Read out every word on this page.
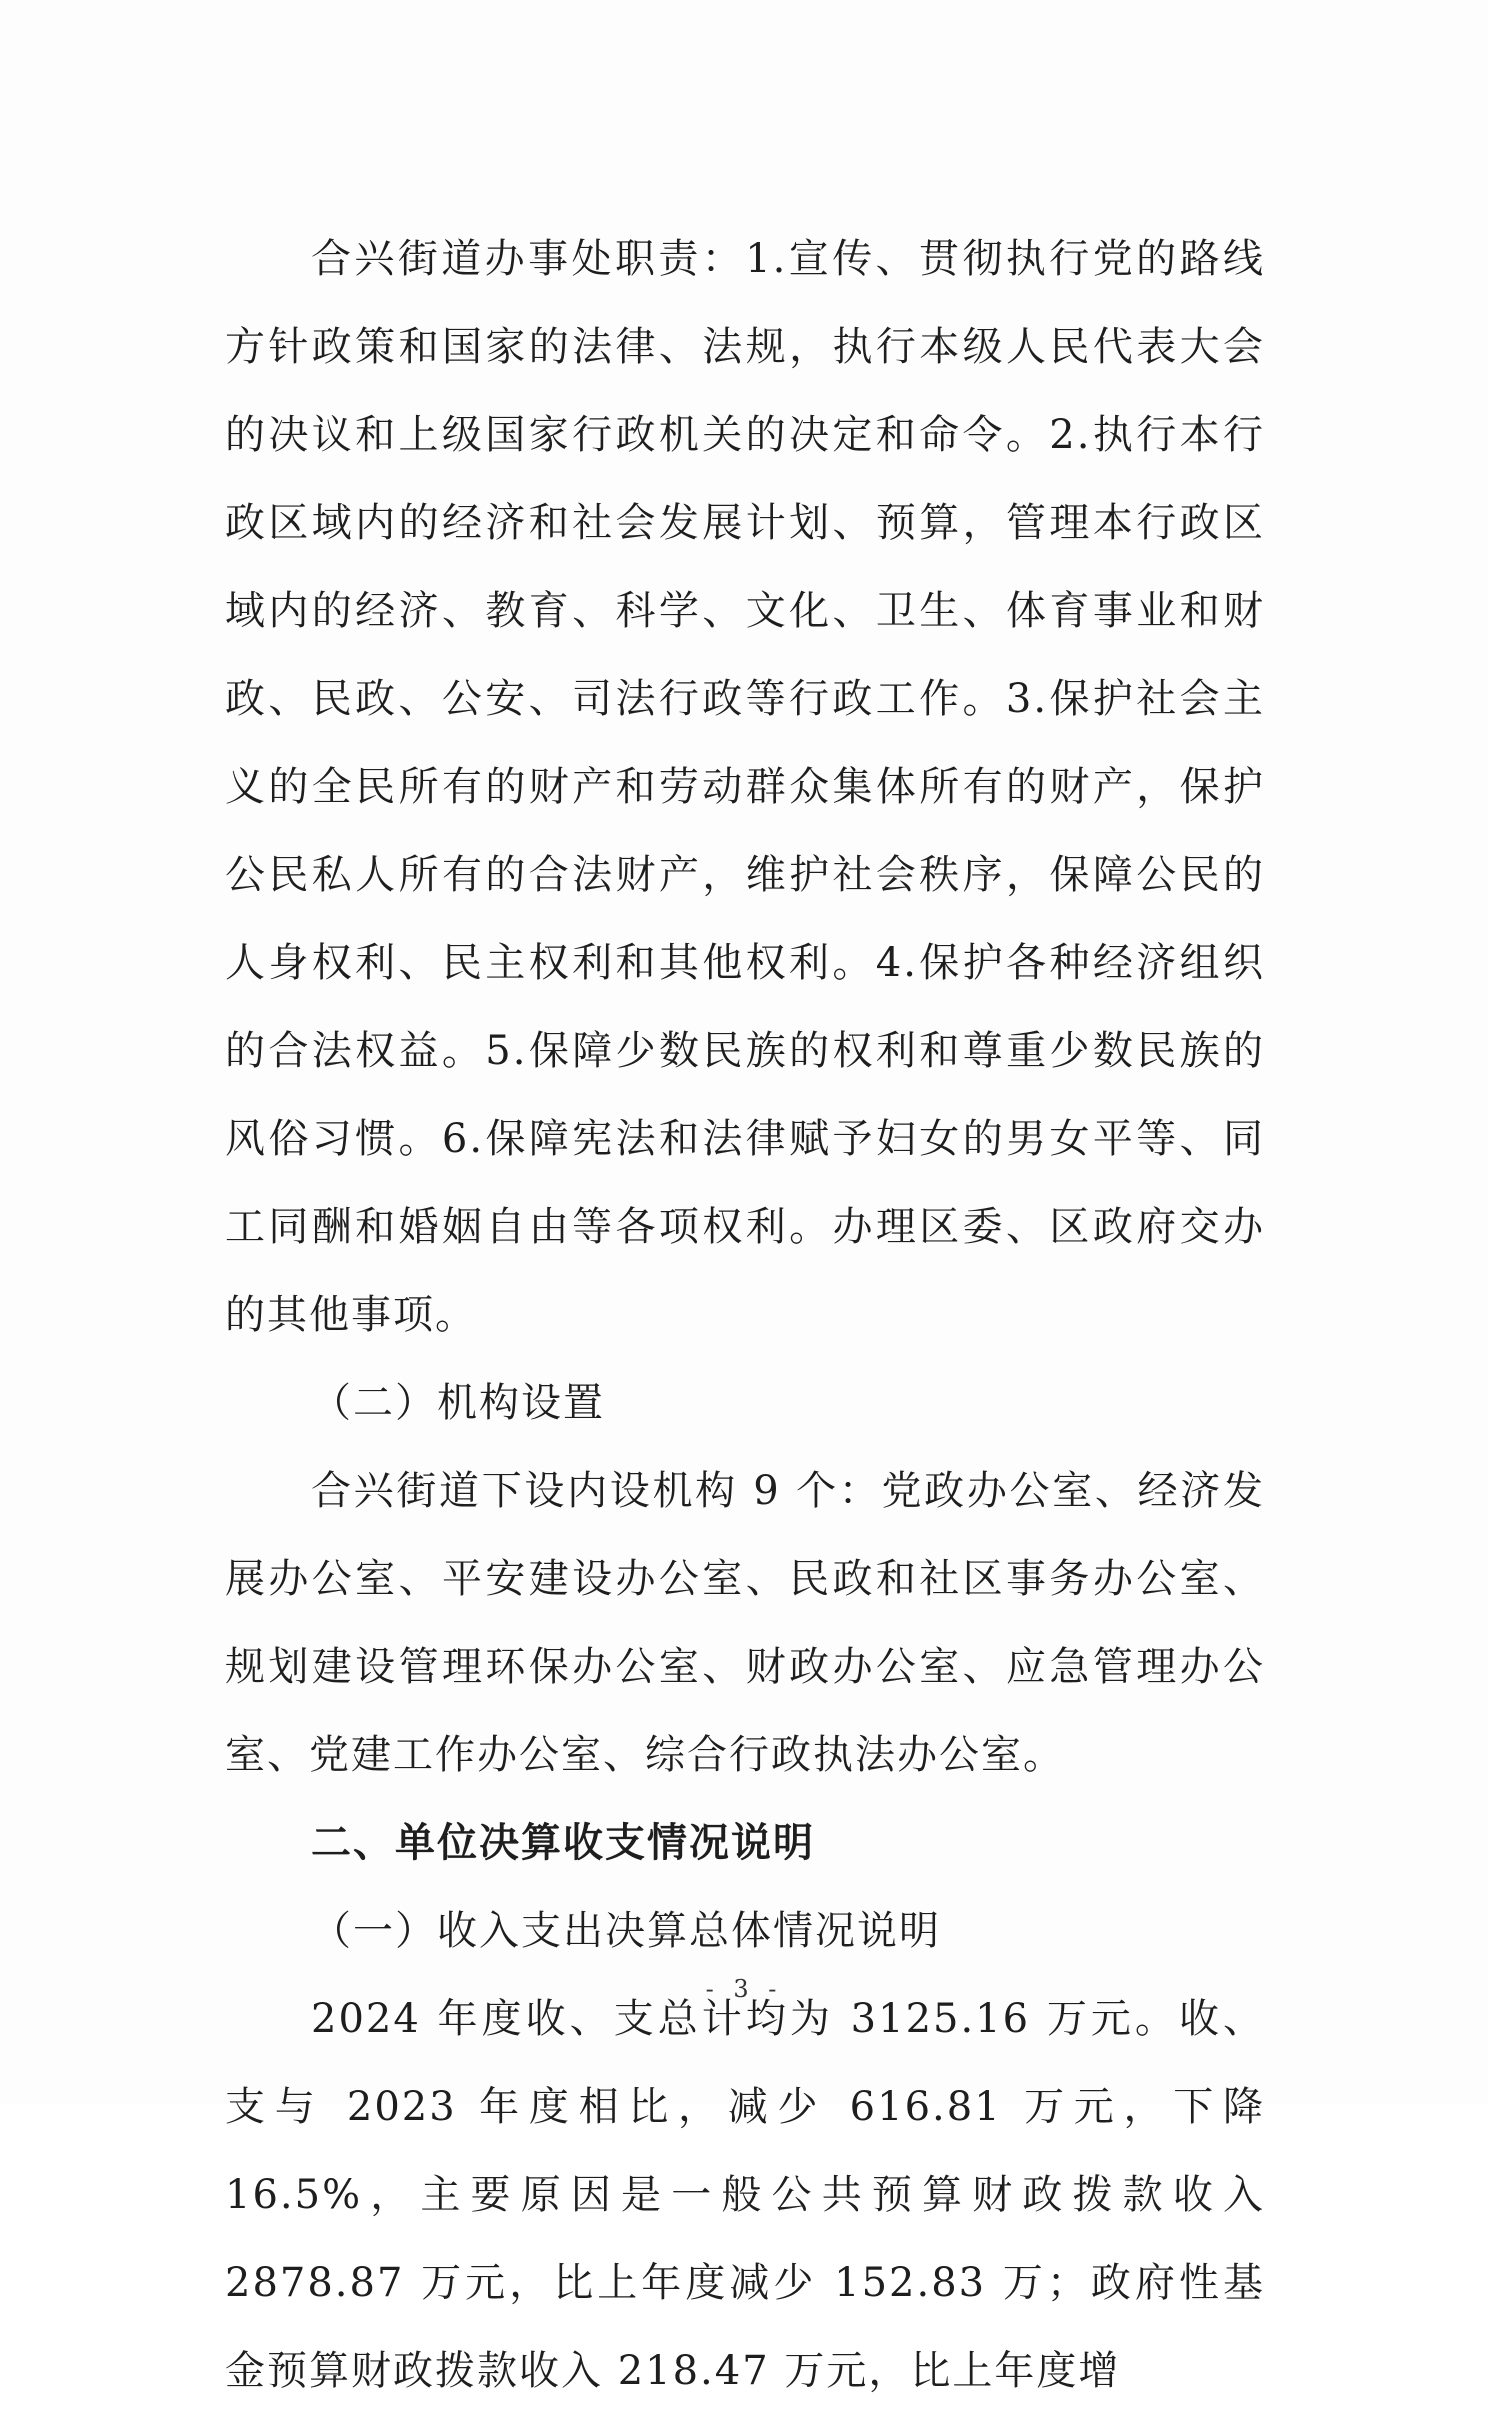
合兴街道办事处职责：1.宣传、贯彻执行党的路线方针政策和国家的法律、法规，执行本级人民代表大会的决议和上级国家行政机关的决定和命令。2.执行本行政区域内的经济和社会发展计划、预算，管理本行政区域内的经济、教育、科学、文化、卫生、体育事业和财政、民政、公安、司法行政等行政工作。3.保护社会主义的全民所有的财产和劳动群众集体所有的财产，保护公民私人所有的合法财产，维护社会秩序，保障公民的人身权利、民主权利和其他权利。4.保护各种经济组织的合法权益。5.保障少数民族的权利和尊重少数民族的风俗习惯。6.保障宪法和法律赋予妇女的男女平等、同工同酬和婚姻自由等各项权利。办理区委、区政府交办的其他事项。

（二）机构设置

合兴街道下设内设机构 9 个：党政办公室、经济发展办公室、平安建设办公室、民政和社区事务办公室、规划建设管理环保办公室、财政办公室、应急管理办公室、党建工作办公室、综合行政执法办公室。

二、单位决算收支情况说明

（一）收入支出决算总体情况说明

2024 年度收、支总计均为 3125.16 万元。收、支与 2023 年度相比，减少 616.81 万元，下降 16.5%，主要原因是一般公共预算财政拨款收入 2878.87 万元，比上年度减少 152.83 万；政府性基金预算财政拨款收入 218.47 万元，比上年度增

- 3 -
